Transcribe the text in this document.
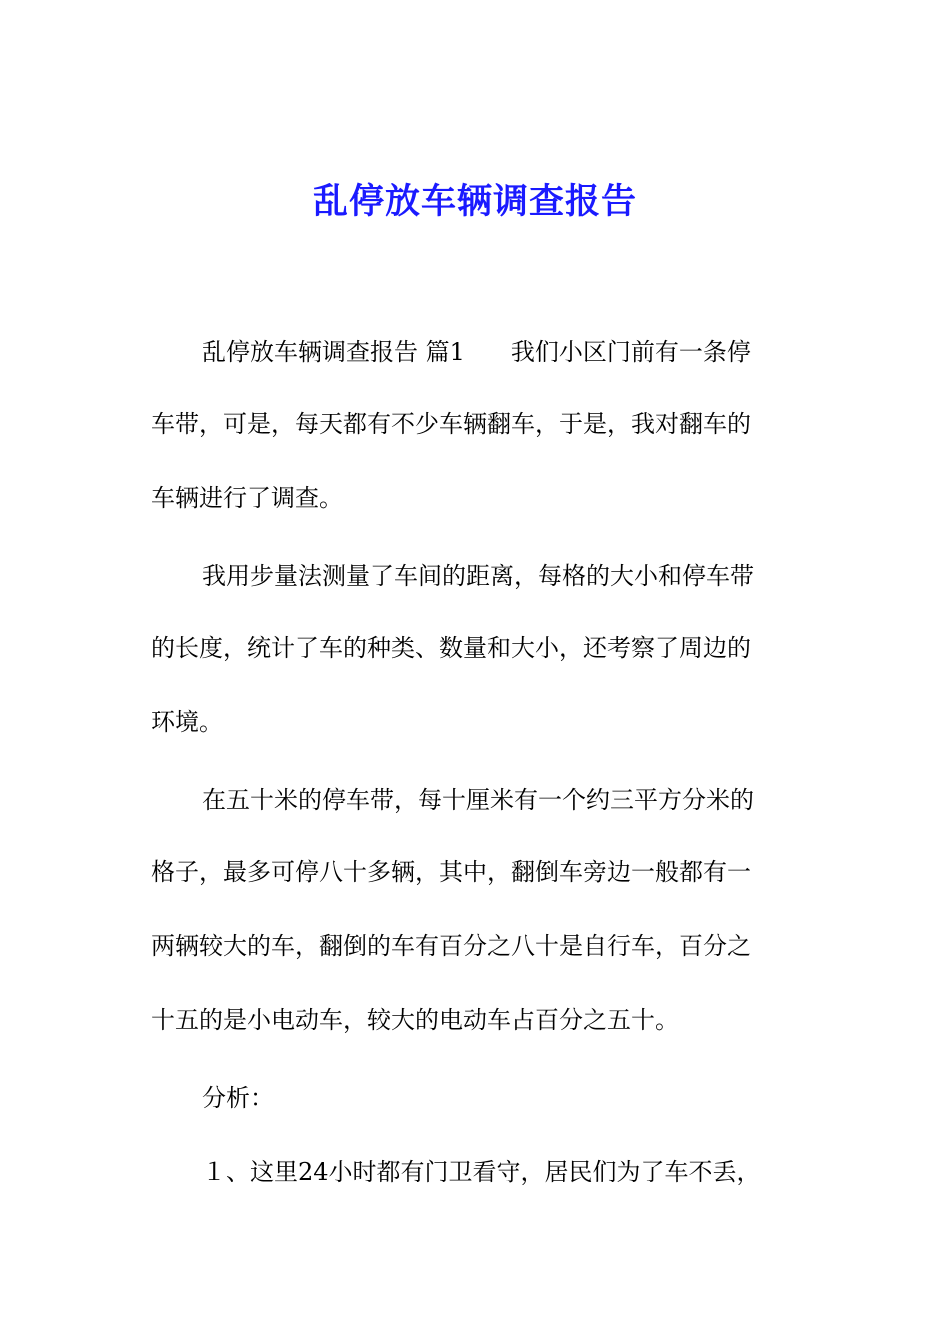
乱停放车辆调查报告
乱停放车辆调查报告 篇1 我们小区门前有一条停
车带，可是，每天都有不少车辆翻车，于是，我对翻车的
车辆进行了调查。
我用步量法测量了车间的距离，每格的大小和停车带
的长度，统计了车的种类、数量和大小，还考察了周边的
环境。
在五十米的停车带，每十厘米有一个约三平方分米的
格子，最多可停八十多辆，其中，翻倒车旁边一般都有一
两辆较大的车，翻倒的车有百分之八十是自行车，百分之
十五的是小电动车，较大的电动车占百分之五十。
分析：
１、这里24小时都有门卫看守，居民们为了车不丢，
